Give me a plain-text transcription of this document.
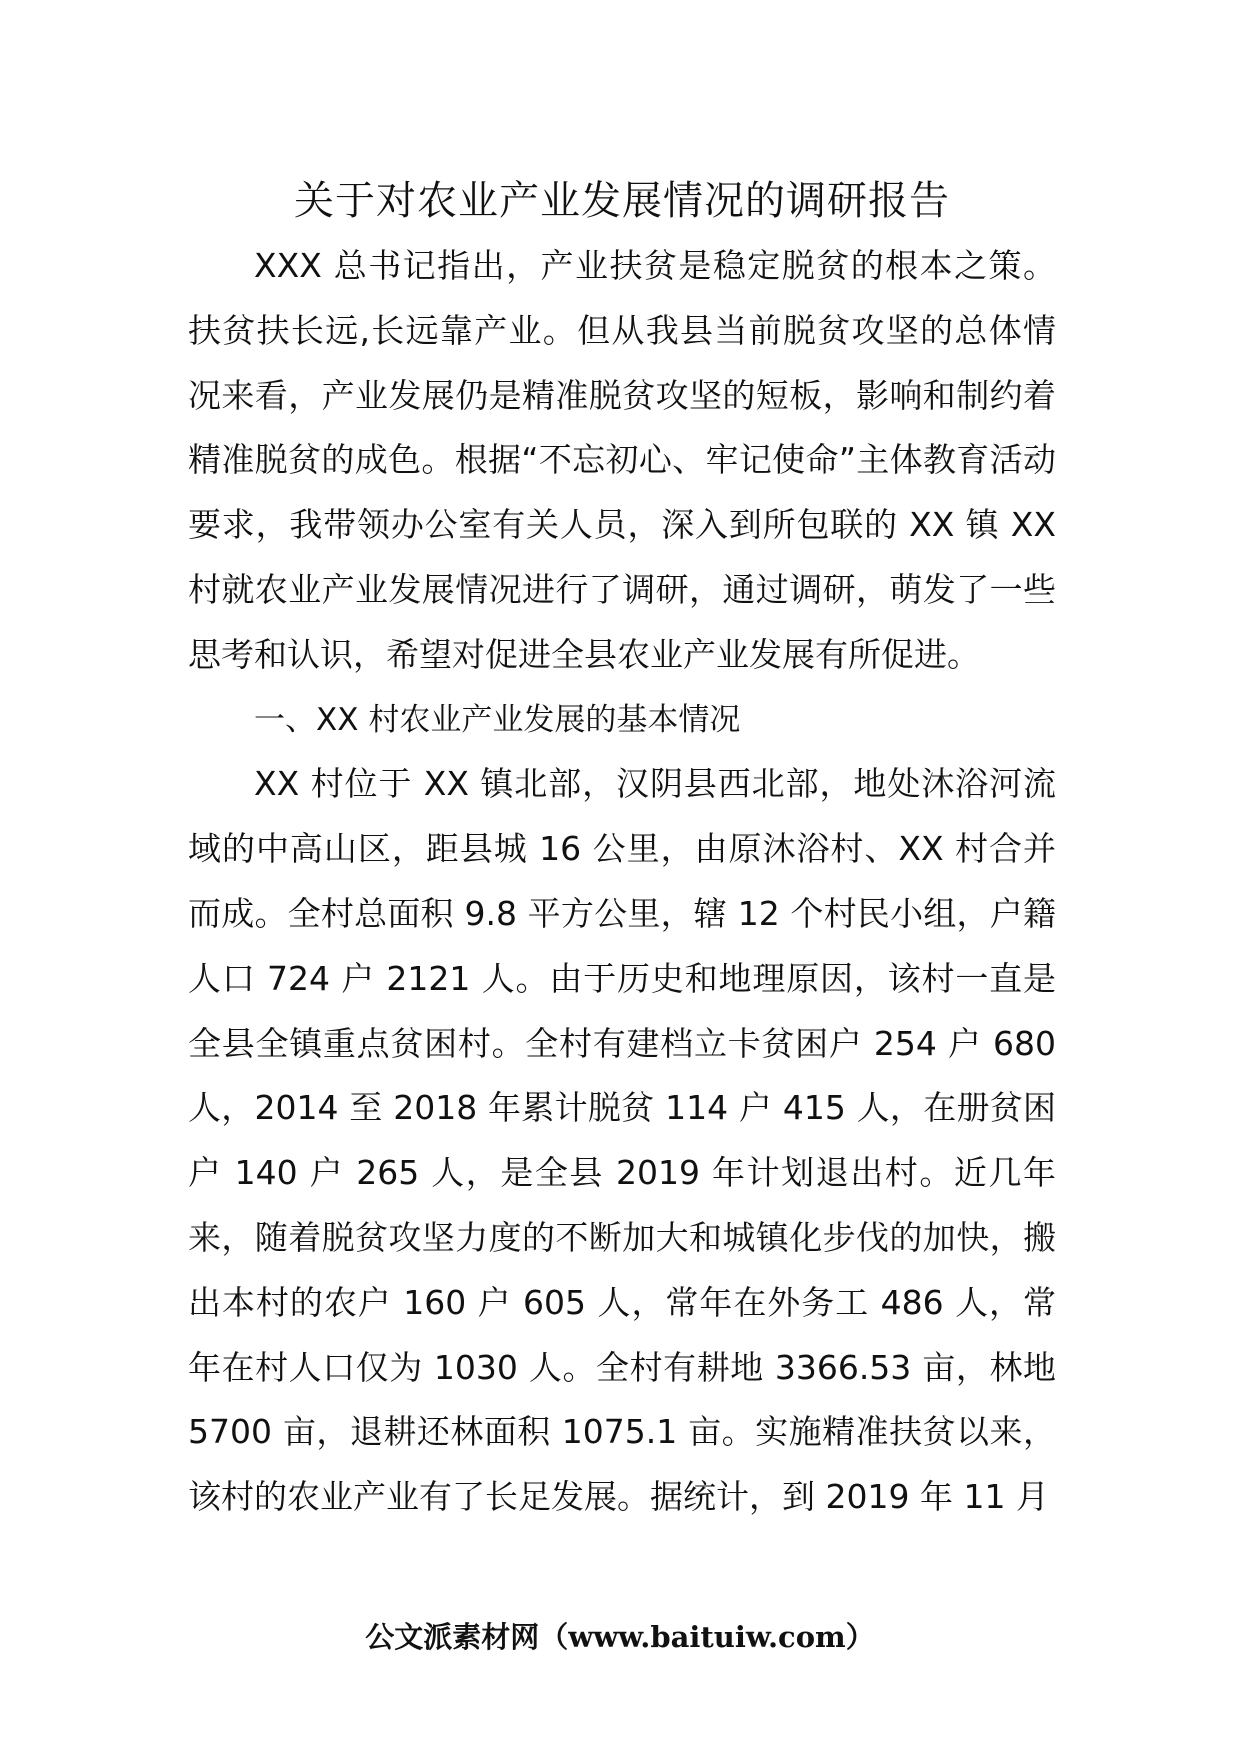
关于对农业产业发展情况的调研报告

XXX 总书记指出，产业扶贫是稳定脱贫的根本之策。扶贫扶长远,长远靠产业。但从我县当前脱贫攻坚的总体情况来看，产业发展仍是精准脱贫攻坚的短板，影响和制约着精准脱贫的成色。根据“不忘初心、牢记使命”主体教育活动要求，我带领办公室有关人员，深入到所包联的 XX 镇 XX 村就农业产业发展情况进行了调研，通过调研，萌发了一些思考和认识，希望对促进全县农业产业发展有所促进。

一、XX 村农业产业发展的基本情况

XX 村位于 XX 镇北部，汉阴县西北部，地处沐浴河流域的中高山区，距县城 16 公里，由原沐浴村、XX 村合并而成。全村总面积 9.8 平方公里，辖 12 个村民小组，户籍人口 724 户 2121 人。由于历史和地理原因，该村一直是全县全镇重点贫困村。全村有建档立卡贫困户 254 户 680人，2014 至 2018 年累计脱贫 114 户 415 人，在册贫困户 140 户 265 人，是全县 2019 年计划退出村。近几年来，随着脱贫攻坚力度的不断加大和城镇化步伐的加快，搬出本村的农户 160 户 605 人，常年在外务工 486 人，常年在村人口仅为 1030 人。全村有耕地 3366.53 亩，林地5700 亩，退耕还林面积 1075.1 亩。实施精准扶贫以来，该村的农业产业有了长足发展。据统计，到 2019 年 11 月

公文派素材网（www.baituiw.com）
